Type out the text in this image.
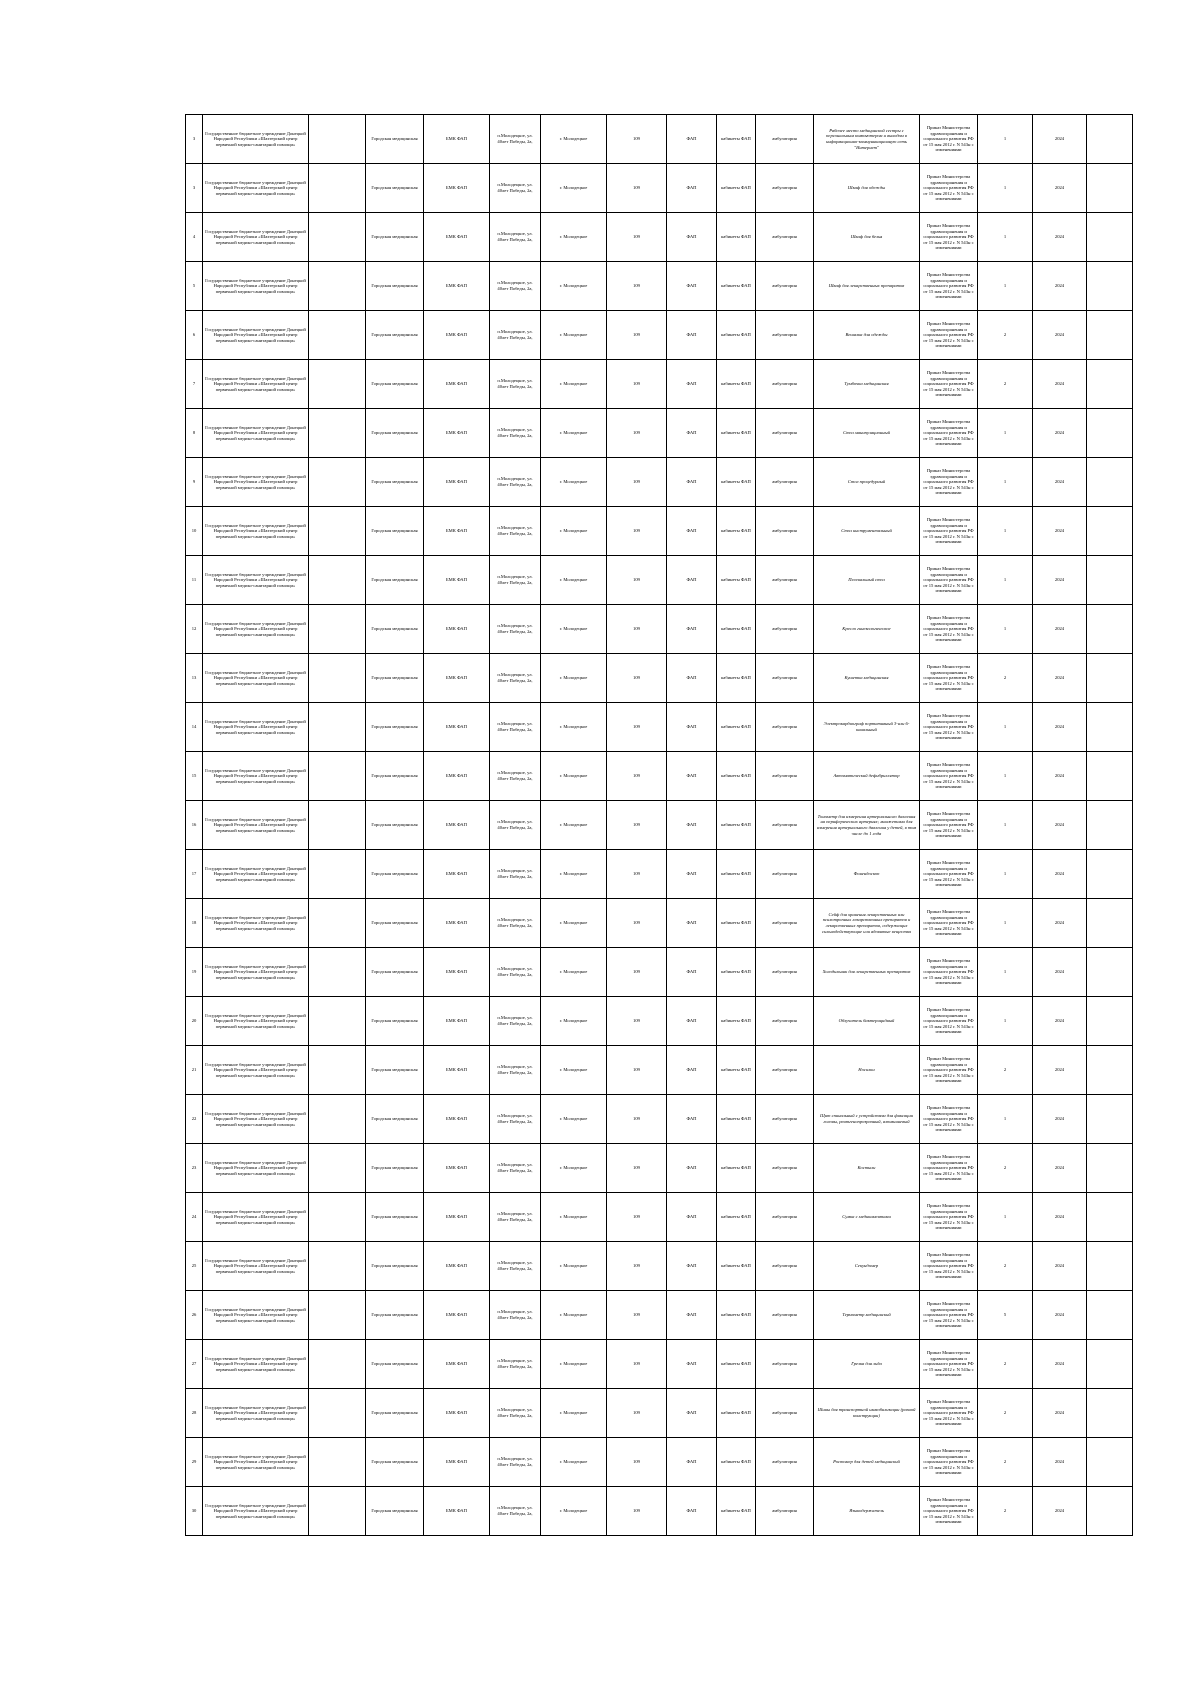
3	Государственное бюджетное учреждение Донецкой Народной Республики «Шахтерский центр первичной медико-санитарной помощи»		Городская медицинская	БМК ФАП	п.Молодецкое, ул. 40лет Победы, 2а,	г. Молодецкое	109	ФАП	кабинеты ФАП	амбулатория	Рабочее место медицинской сестры с персональным компьютером и выходом в информационно-коммуникационную сеть "Интернет"	Приказ Министерства здравоохранения и социального развития РФ от 15 мая 2012 г. N 543н с изменениями	1	2024	
3	Государственное бюджетное учреждение Донецкой Народной Республики «Шахтерский центр первичной медико-санитарной помощи»		Городская медицинская	БМК ФАП	п.Молодецкое, ул. 40лет Победы, 2а,	г. Молодецкое	109	ФАП	кабинеты ФАП	амбулатория	Шкаф для одежды	Приказ Министерства здравоохранения и социального развития РФ от 15 мая 2012 г. N 543н с изменениями	1	2024	
4	Государственное бюджетное учреждение Донецкой Народной Республики «Шахтерский центр первичной медико-санитарной помощи»		Городская медицинская	БМК ФАП	п.Молодецкое, ул. 40лет Победы, 2а,	г. Молодецкое	109	ФАП	кабинеты ФАП	амбулатория	Шкаф для белья	Приказ Министерства здравоохранения и социального развития РФ от 15 мая 2012 г. N 543н с изменениями	1	2024	
5	Государственное бюджетное учреждение Донецкой Народной Республики «Шахтерский центр первичной медико-санитарной помощи»		Городская медицинская	БМК ФАП	п.Молодецкое, ул. 40лет Победы, 2а,	г. Молодецкое	109	ФАП	кабинеты ФАП	амбулатория	Шкаф для лекарственных препаратов	Приказ Министерства здравоохранения и социального развития РФ от 15 мая 2012 г. N 543н с изменениями	1	2024	
6	Государственное бюджетное учреждение Донецкой Народной Республики «Шахтерский центр первичной медико-санитарной помощи»		Городская медицинская	БМК ФАП	п.Молодецкое, ул. 40лет Победы, 2а,	г. Молодецкое	109	ФАП	кабинеты ФАП	амбулатория	Вешалка для одежды	Приказ Министерства здравоохранения и социального развития РФ от 15 мая 2012 г. N 543н с изменениями	2	2024	
7	Государственное бюджетное учреждение Донецкой Народной Республики «Шахтерский центр первичной медико-санитарной помощи»		Городская медицинская	БМК ФАП	п.Молодецкое, ул. 40лет Победы, 2а,	г. Молодецкое	109	ФАП	кабинеты ФАП	амбулатория	Тумбочка медицинская	Приказ Министерства здравоохранения и социального развития РФ от 15 мая 2012 г. N 543н с изменениями	2	2024	
8	Государственное бюджетное учреждение Донецкой Народной Республики «Шахтерский центр первичной медико-санитарной помощи»		Городская медицинская	БМК ФАП	п.Молодецкое, ул. 40лет Победы, 2а,	г. Молодецкое	109	ФАП	кабинеты ФАП	амбулатория	Стол манипуляционный	Приказ Министерства здравоохранения и социального развития РФ от 15 мая 2012 г. N 543н с изменениями	1	2024	
9	Государственное бюджетное учреждение Донецкой Народной Республики «Шахтерский центр первичной медико-санитарной помощи»		Городская медицинская	БМК ФАП	п.Молодецкое, ул. 40лет Победы, 2а,	г. Молодецкое	109	ФАП	кабинеты ФАП	амбулатория	Стол процедурный	Приказ Министерства здравоохранения и социального развития РФ от 15 мая 2012 г. N 543н с изменениями	1	2024	
10	Государственное бюджетное учреждение Донецкой Народной Республики «Шахтерский центр первичной медико-санитарной помощи»		Городская медицинская	БМК ФАП	п.Молодецкое, ул. 40лет Победы, 2а,	г. Молодецкое	109	ФАП	кабинеты ФАП	амбулатория	Стол инструментальный	Приказ Министерства здравоохранения и социального развития РФ от 15 мая 2012 г. N 543н с изменениями	1	2024	
11	Государственное бюджетное учреждение Донецкой Народной Республики «Шахтерский центр первичной медико-санитарной помощи»		Городская медицинская	БМК ФАП	п.Молодецкое, ул. 40лет Победы, 2а,	г. Молодецкое	109	ФАП	кабинеты ФАП	амбулатория	Пеленальный стол	Приказ Министерства здравоохранения и социального развития РФ от 15 мая 2012 г. N 543н с изменениями	1	2024	
12	Государственное бюджетное учреждение Донецкой Народной Республики «Шахтерский центр первичной медико-санитарной помощи»		Городская медицинская	БМК ФАП	п.Молодецкое, ул. 40лет Победы, 2а,	г. Молодецкое	109	ФАП	кабинеты ФАП	амбулатория	Кресло гинекологическое	Приказ Министерства здравоохранения и социального развития РФ от 15 мая 2012 г. N 543н с изменениями	1	2024	
13	Государственное бюджетное учреждение Донецкой Народной Республики «Шахтерский центр первичной медико-санитарной помощи»		Городская медицинская	БМК ФАП	п.Молодецкое, ул. 40лет Победы, 2а,	г. Молодецкое	109	ФАП	кабинеты ФАП	амбулатория	Кушетка медицинская	Приказ Министерства здравоохранения и социального развития РФ от 15 мая 2012 г. N 543н с изменениями	2	2024	
14	Государственное бюджетное учреждение Донецкой Народной Республики «Шахтерский центр первичной медико-санитарной помощи»		Городская медицинская	БМК ФАП	п.Молодецкое, ул. 40лет Победы, 2а,	г. Молодецкое	109	ФАП	кабинеты ФАП	амбулатория	Электрокардиограф портативный 3-или 6-канальный	Приказ Министерства здравоохранения и социального развития РФ от 15 мая 2012 г. N 543н с изменениями	1	2024	
15	Государственное бюджетное учреждение Донецкой Народной Республики «Шахтерский центр первичной медико-санитарной помощи»		Городская медицинская	БМК ФАП	п.Молодецкое, ул. 40лет Победы, 2а,	г. Молодецкое	109	ФАП	кабинеты ФАП	амбулатория	Автоматический дефибриллятор	Приказ Министерства здравоохранения и социального развития РФ от 15 мая 2012 г. N 543н с изменениями	1	2024	
16	Государственное бюджетное учреждение Донецкой Народной Республики «Шахтерский центр первичной медико-санитарной помощи»		Городская медицинская	БМК ФАП	п.Молодецкое, ул. 40лет Победы, 2а,	г. Молодецкое	109	ФАП	кабинеты ФАП	амбулатория	Тонометр для измерения артериального давления на периферических артериях; манжетами для измерения артериального давления у детей, в том числе до 1 года	Приказ Министерства здравоохранения и социального развития РФ от 15 мая 2012 г. N 543н с изменениями	1	2024	
17	Государственное бюджетное учреждение Донецкой Народной Республики «Шахтерский центр первичной медико-санитарной помощи»		Городская медицинская	БМК ФАП	п.Молодецкое, ул. 40лет Победы, 2а,	г. Молодецкое	109	ФАП	кабинеты ФАП	амбулатория	Фонендоскоп	Приказ Министерства здравоохранения и социального развития РФ от 15 мая 2012 г. N 543н с изменениями	1	2024	
18	Государственное бюджетное учреждение Донецкой Народной Республики «Шахтерский центр первичной медико-санитарной помощи»		Городская медицинская	БМК ФАП	п.Молодецкое, ул. 40лет Победы, 2а,	г. Молодецкое	109	ФАП	кабинеты ФАП	амбулатория	Сейф для хранения лекарственных или психотропных лекарственных препаратов и лекарственных препаратов, содержащих сильнодействующие или ядовитые вещества	Приказ Министерства здравоохранения и социального развития РФ от 15 мая 2012 г. N 543н с изменениями	1	2024	
19	Государственное бюджетное учреждение Донецкой Народной Республики «Шахтерский центр первичной медико-санитарной помощи»		Городская медицинская	БМК ФАП	п.Молодецкое, ул. 40лет Победы, 2а,	г. Молодецкое	109	ФАП	кабинеты ФАП	амбулатория	Холодильник для лекарственных препаратов	Приказ Министерства здравоохранения и социального развития РФ от 15 мая 2012 г. N 543н с изменениями	1	2024	
20	Государственное бюджетное учреждение Донецкой Народной Республики «Шахтерский центр первичной медико-санитарной помощи»		Городская медицинская	БМК ФАП	п.Молодецкое, ул. 40лет Победы, 2а,	г. Молодецкое	109	ФАП	кабинеты ФАП	амбулатория	Облучатель бактерицидный	Приказ Министерства здравоохранения и социального развития РФ от 15 мая 2012 г. N 543н с изменениями	1	2024	
21	Государственное бюджетное учреждение Донецкой Народной Республики «Шахтерский центр первичной медико-санитарной помощи»		Городская медицинская	БМК ФАП	п.Молодецкое, ул. 40лет Победы, 2а,	г. Молодецкое	109	ФАП	кабинеты ФАП	амбулатория	Носилки	Приказ Министерства здравоохранения и социального развития РФ от 15 мая 2012 г. N 543н с изменениями	2	2024	
22	Государственное бюджетное учреждение Донецкой Народной Республики «Шахтерский центр первичной медико-санитарной помощи»		Городская медицинская	БМК ФАП	п.Молодецкое, ул. 40лет Победы, 2а,	г. Молодецкое	109	ФАП	кабинеты ФАП	амбулатория	Щит спинальный с устройством для фиксации головы, рентгенопрозрачный, алюминиевый	Приказ Министерства здравоохранения и социального развития РФ от 15 мая 2012 г. N 543н с изменениями	1	2024	
23	Государственное бюджетное учреждение Донецкой Народной Республики «Шахтерский центр первичной медико-санитарной помощи»		Городская медицинская	БМК ФАП	п.Молодецкое, ул. 40лет Победы, 2а,	г. Молодецкое	109	ФАП	кабинеты ФАП	амбулатория	Костыли	Приказ Министерства здравоохранения и социального развития РФ от 15 мая 2012 г. N 543н с изменениями	2	2024	
24	Государственное бюджетное учреждение Донецкой Народной Республики «Шахтерский центр первичной медико-санитарной помощи»		Городская медицинская	БМК ФАП	п.Молодецкое, ул. 40лет Победы, 2а,	г. Молодецкое	109	ФАП	кабинеты ФАП	амбулатория	Сумка с медикаментами	Приказ Министерства здравоохранения и социального развития РФ от 15 мая 2012 г. N 543н с изменениями	1	2024	
25	Государственное бюджетное учреждение Донецкой Народной Республики «Шахтерский центр первичной медико-санитарной помощи»		Городская медицинская	БМК ФАП	п.Молодецкое, ул. 40лет Победы, 2а,	г. Молодецкое	109	ФАП	кабинеты ФАП	амбулатория	Секундомер	Приказ Министерства здравоохранения и социального развития РФ от 15 мая 2012 г. N 543н с изменениями	2	2024	
26	Государственное бюджетное учреждение Донецкой Народной Республики «Шахтерский центр первичной медико-санитарной помощи»		Городская медицинская	БМК ФАП	п.Молодецкое, ул. 40лет Победы, 2а,	г. Молодецкое	109	ФАП	кабинеты ФАП	амбулатория	Термометр медицинский	Приказ Министерства здравоохранения и социального развития РФ от 15 мая 2012 г. N 543н с изменениями	5	2024	
27	Государственное бюджетное учреждение Донецкой Народной Республики «Шахтерский центр первичной медико-санитарной помощи»		Городская медицинская	БМК ФАП	п.Молодецкое, ул. 40лет Победы, 2а,	г. Молодецкое	109	ФАП	кабинеты ФАП	амбулатория	Грелка для льда	Приказ Министерства здравоохранения и социального развития РФ от 15 мая 2012 г. N 543н с изменениями	2	2024	
28	Государственное бюджетное учреждение Донецкой Народной Республики «Шахтерский центр первичной медико-санитарной помощи»		Городская медицинская	БМК ФАП	п.Молодецкое, ул. 40лет Победы, 2а,	г. Молодецкое	109	ФАП	кабинеты ФАП	амбулатория	Шины для транспортной иммобилизации (разной конструкции)	Приказ Министерства здравоохранения и социального развития РФ от 15 мая 2012 г. N 543н с изменениями	2	2024	
29	Государственное бюджетное учреждение Донецкой Народной Республики «Шахтерский центр первичной медико-санитарной помощи»		Городская медицинская	БМК ФАП	п.Молодецкое, ул. 40лет Победы, 2а,	г. Молодецкое	109	ФАП	кабинеты ФАП	амбулатория	Ростомер для детей медицинский	Приказ Министерства здравоохранения и социального развития РФ от 15 мая 2012 г. N 543н с изменениями	2	2024	
30	Государственное бюджетное учреждение Донецкой Народной Республики «Шахтерский центр первичной медико-санитарной помощи»		Городская медицинская	БМК ФАП	п.Молодецкое, ул. 40лет Победы, 2а,	г. Молодецкое	109	ФАП	кабинеты ФАП	амбулатория	Языкодержатель	Приказ Министерства здравоохранения и социального развития РФ от 15 мая 2012 г. N 543н с изменениями	2	2024	
